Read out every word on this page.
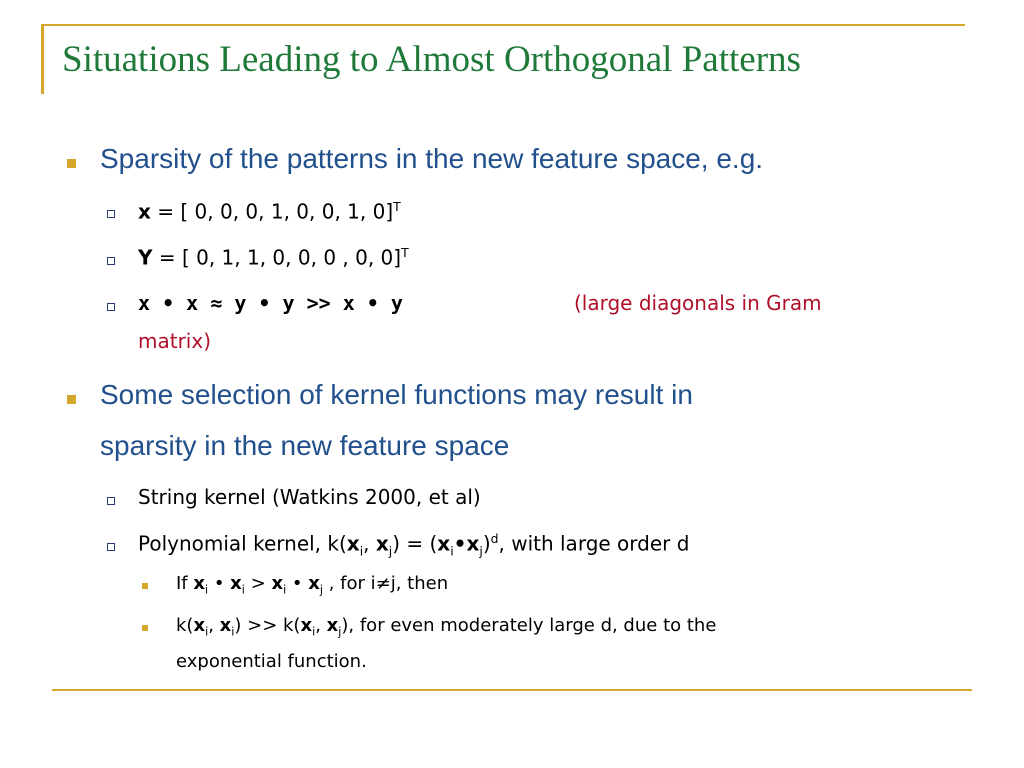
Situations Leading to Almost Orthogonal Patterns
Sparsity of the patterns in the new feature space, e.g.
x = [ 0, 0, 0, 1, 0, 0, 1, 0]$^T$
Y = [ 0, 1, 1, 0, 0, 0 , 0, 0]$^T$
x • x ≈ y • y >> x • y	(large diagonals in Gram
matrix)
Some selection of kernel functions may result in
sparsity in the new feature space
String kernel (Watkins 2000, et al)
Polynomial kernel, $k(x_i$, $x_j$) = $(x_i•x_j)^d$, with large order d
If $x_i$ • $x_i > x_i$ • $x_j$ , for i≠j, then
$k(x_i$, $x_i) >> k(x_i$, $x_j$), for even moderately large d, due to the
exponential function.
